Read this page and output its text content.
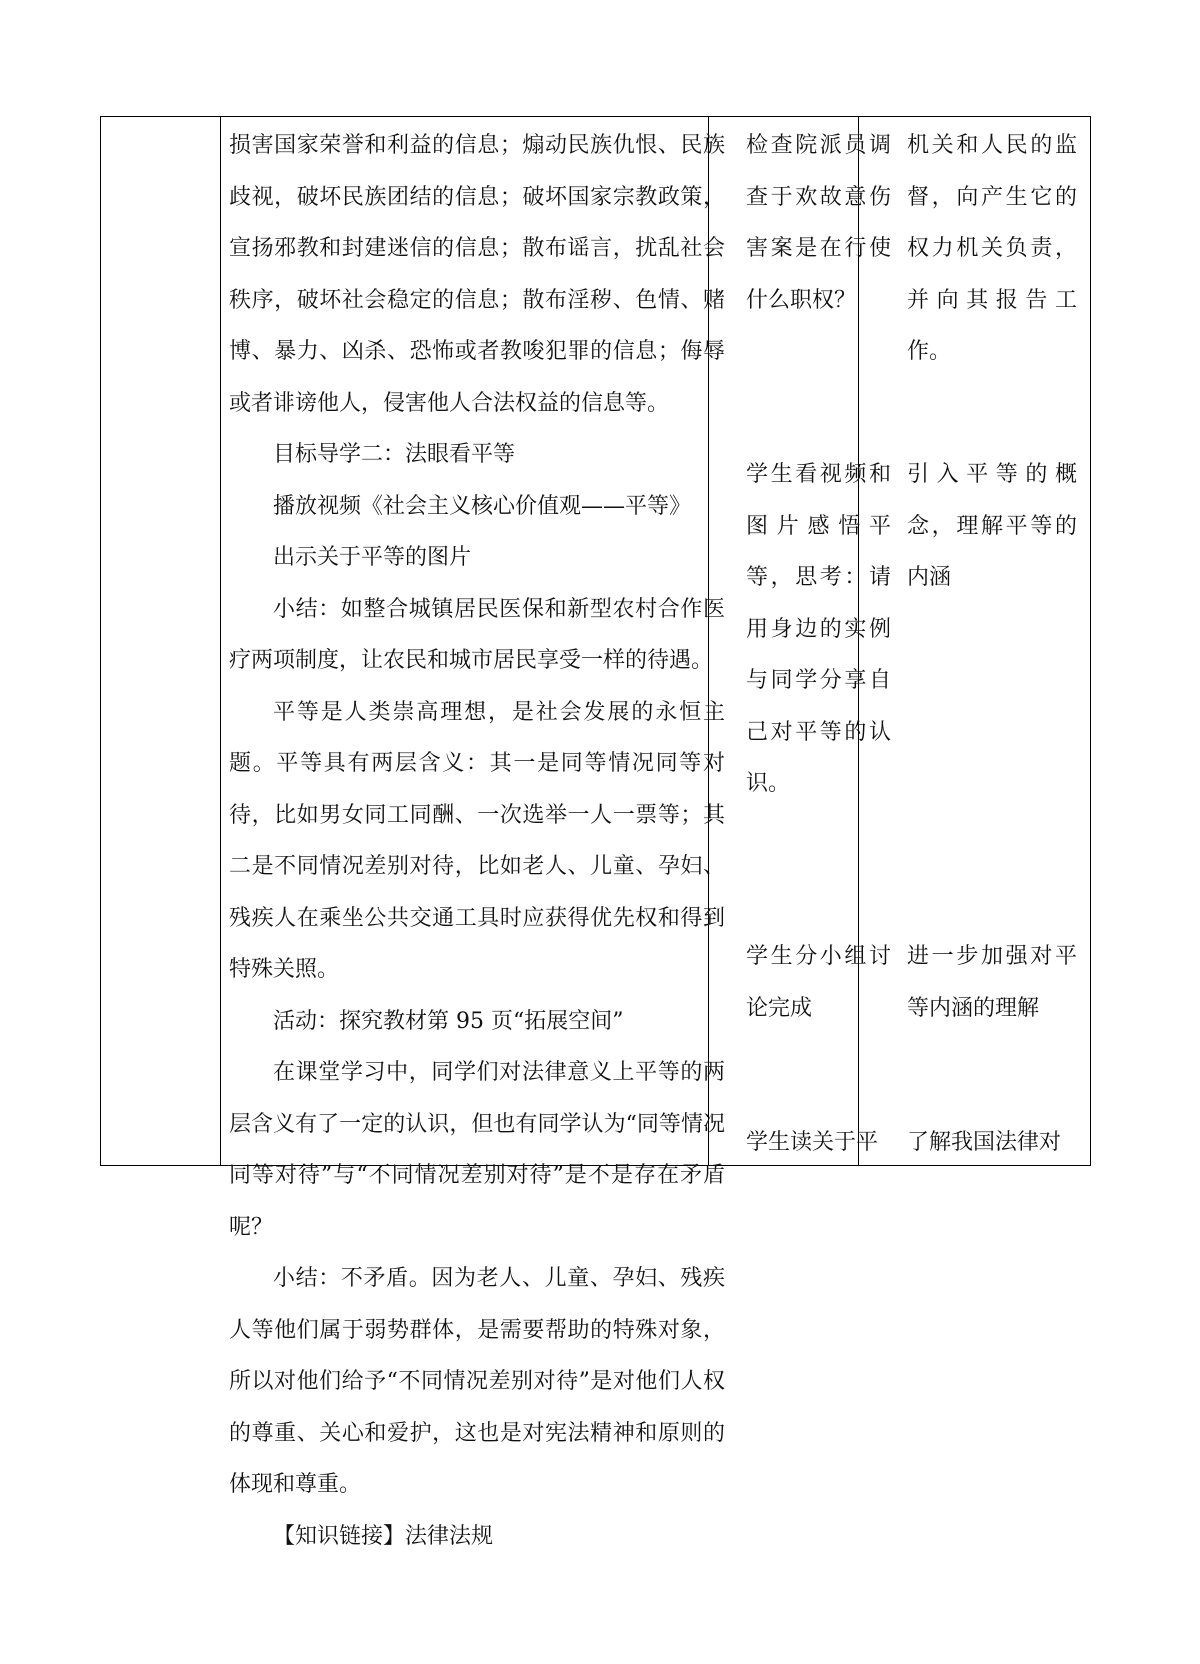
损害国家荣誉和利益的信息；煽动民族仇恨、民族歧视，破坏民族团结的信息；破坏国家宗教政策，宣扬邪教和封建迷信的信息；散布谣言，扰乱社会秩序，破坏社会稳定的信息；散布淫秽、色情、赌博、暴力、凶杀、恐怖或者教唆犯罪的信息；侮辱或者诽谤他人，侵害他人合法权益的信息等。

目标导学二：法眼看平等

播放视频《社会主义核心价值观——平等》

出示关于平等的图片

小结：如整合城镇居民医保和新型农村合作医疗两项制度，让农民和城市居民享受一样的待遇。

平等是人类崇高理想，是社会发展的永恒主题。平等具有两层含义：其一是同等情况同等对待，比如男女同工同酬、一次选举一人一票等；其二是不同情况差别对待，比如老人、儿童、孕妇、残疾人在乘坐公共交通工具时应获得优先权和得到特殊关照。

活动：探究教材第 95 页“拓展空间”

在课堂学习中，同学们对法律意义上平等的两层含义有了一定的认识，但也有同学认为“同等情况同等对待”与“不同情况差别对待”是不是存在矛盾呢？

小结：不矛盾。因为老人、儿童、孕妇、残疾人等他们属于弱势群体，是需要帮助的特殊对象，所以对他们给予“不同情况差别对待”是对他们人权的尊重、关心和爱护，这也是对宪法精神和原则的体现和尊重。

【知识链接】法律法规

检查院派员调查于欢故意伤害案是在行使什么职权？

学生看视频和图片感悟平等，思考：请用身边的实例与同学分享自己对平等的认识。

学生分小组讨论完成

学生读关于平

机关和人民的监督，向产生它的权力机关负责，并向其报告工作。

引入平等的概念，理解平等的内涵

进一步加强对平等内涵的理解

了解我国法律对
